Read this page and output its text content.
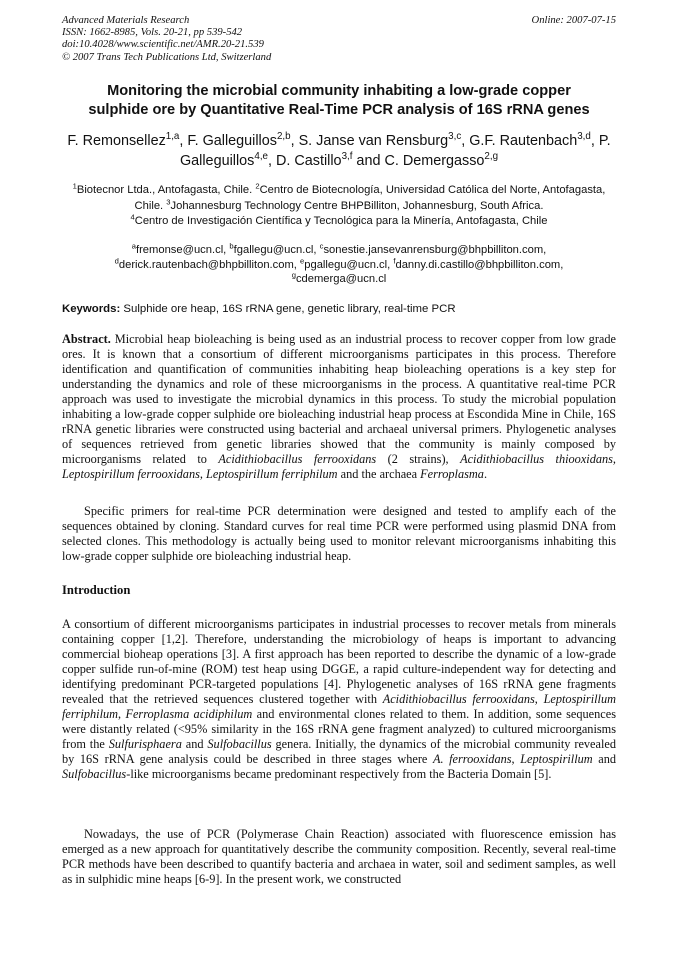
Advanced Materials Research
ISSN: 1662-8985, Vols. 20-21, pp 539-542
doi:10.4028/www.scientific.net/AMR.20-21.539
© 2007 Trans Tech Publications Ltd, Switzerland
Online: 2007-07-15
Monitoring the microbial community inhabiting a low-grade copper
sulphide ore by Quantitative Real-Time PCR analysis of 16S rRNA genes
F. Remonsellez$^{1,a}$, F. Galleguillos$^{2,b}$, S. Janse van Rensburg$^{3,c}$, G.F. Rautenbach$^{3,d}$, P. Galleguillos$^{4,e}$, D. Castillo$^{3,f}$ and C. Demergasso$^{2,g}$
$^1$Biotecnor Ltda., Antofagasta, Chile. $^2$Centro de Biotecnología, Universidad Católica del Norte, Antofagasta, Chile. $^3$Johannesburg Technology Centre BHPBilliton, Johannesburg, South Africa.
$^4$Centro de Investigación Científica y Tecnológica para la Minería, Antofagasta, Chile
$^a$fremonse@ucn.cl, $^b$fgallegu@ucn.cl, $^c$sonestie.jansevanrensburg@bhpbilliton.com,
$^d$derick.rautenbach@bhpbilliton.com, $^e$pgallegu@ucn.cl, $^f$danny.di.castillo@bhpbilliton.com,
$^g$cdemerga@ucn.cl
Keywords: Sulphide ore heap, 16S rRNA gene, genetic library, real-time PCR
Abstract. Microbial heap bioleaching is being used as an industrial process to recover copper from low grade ores. It is known that a consortium of different microorganisms participates in this process. Therefore identification and quantification of communities inhabiting heap bioleaching operations is a key step for understanding the dynamics and role of these microorganisms in the process. A quantitative real-time PCR approach was used to investigate the microbial dynamics in this process. To study the microbial population inhabiting a low-grade copper sulphide ore bioleaching industrial heap process at Escondida Mine in Chile, 16S rRNA genetic libraries were constructed using bacterial and archaeal universal primers. Phylogenetic analyses of sequences retrieved from genetic libraries showed that the community is mainly composed by microorganisms related to Acidithiobacillus ferrooxidans (2 strains), Acidithiobacillus thiooxidans, Leptospirillum ferrooxidans, Leptospirillum ferriphilum and the archaea Ferroplasma.
Specific primers for real-time PCR determination were designed and tested to amplify each of the sequences obtained by cloning. Standard curves for real time PCR were performed using plasmid DNA from selected clones. This methodology is actually being used to monitor relevant microorganisms inhabiting this low-grade copper sulphide ore bioleaching industrial heap.
Introduction
A consortium of different microorganisms participates in industrial processes to recover metals from minerals containing copper [1,2]. Therefore, understanding the microbiology of heaps is important to advancing commercial bioheap operations [3]. A first approach has been reported to describe the dynamic of a low-grade copper sulfide run-of-mine (ROM) test heap using DGGE, a rapid culture-independent way for detecting and identifying predominant PCR-targeted populations [4]. Phylogenetic analyses of 16S rRNA gene fragments revealed that the retrieved sequences clustered together with Acidithiobacillus ferrooxidans, Leptospirillum ferriphilum, Ferroplasma acidiphilum and environmental clones related to them. In addition, some sequences were distantly related (<95% similarity in the 16S rRNA gene fragment analyzed) to cultured microorganisms from the Sulfurisphaera and Sulfobacillus genera. Initially, the dynamics of the microbial community revealed by 16S rRNA gene analysis could be described in three stages where A. ferrooxidans, Leptospirillum and Sulfobacillus-like microorganisms became predominant respectively from the Bacteria Domain [5].
Nowadays, the use of PCR (Polymerase Chain Reaction) associated with fluorescence emission has emerged as a new approach for quantitatively describe the community composition. Recently, several real-time PCR methods have been described to quantify bacteria and archaea in water, soil and sediment samples, as well as in sulphidic mine heaps [6-9]. In the present work, we constructed
